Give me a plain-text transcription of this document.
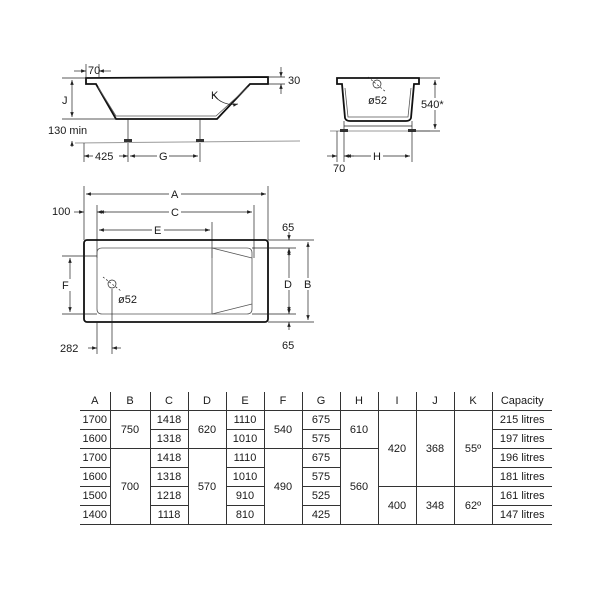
70
30
J
130 min
K
425	G
ø52	540*
70
H
A
C
100
E
ø52
F	D B
65
65
282
A	B	C	D	E	F	G	H	I	J	K	Capacity
1700	750	1418	620	1110	540	675	610	420	368	55º	215 litres
1600		1318		1010		575					197 litres
1700	700	1418	570	1110	490	675	560				196 litres
1600		1318		1010		575					181 litres
1500		1218		910		525		400	348	62º	161 litres
1400		1118		810		425					147 litres
